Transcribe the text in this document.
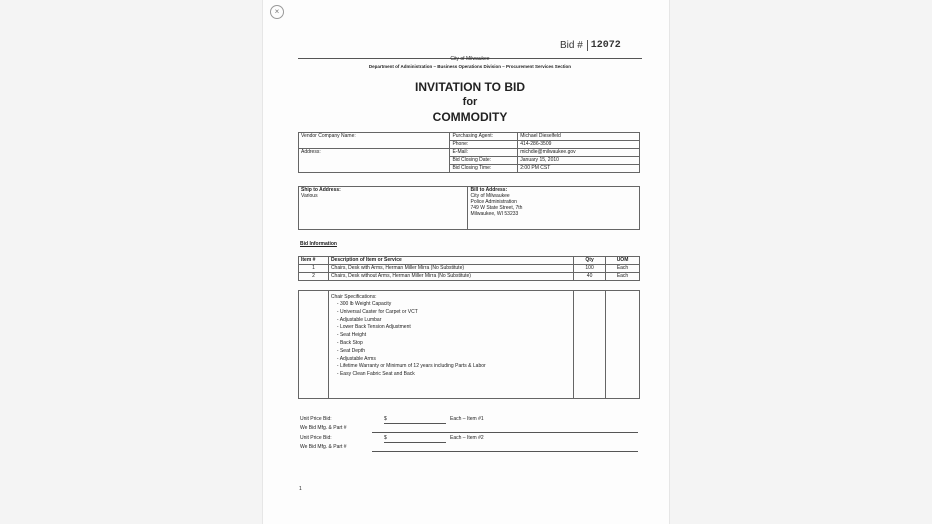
×
Bid # 12072
City of Milwaukee
Department of Administration – Business Operations Division – Procurement Services Section
INVITATION TO BID
for
COMMODITY
Vendor Company Name:	Purchasing Agent:	Michael Dieselfeld
	Phone:	414-286-3509
Address:	E-Mail:	michdie@milwaukee.gov
	Bid Closing Date:	January 15, 2010
	Bid Closing Time:	2:00 PM CST
Ship to Address:
Various

Bill to Address:
City of Milwaukee
Police Administration
749 W State Street, 7th
Milwaukee, WI 53233
Bid Information
Item #	Description of Item or Service	Qty	UOM
1	Chairs, Desk with Arms, Herman Miller Mirra (No Substitute)	100	Each
2	Chairs, Desk without Arms, Herman Miller Mirra (No Substitute)	40	Each

Chair Specifications:
- 300 lb Weight Capacity
- Universal Caster for Carpet or VCT
- Adjustable Lumbar
- Lower Back Tension Adjustment
- Seat Height
- Back Stop
- Seat Depth
- Adjustable Arms
- Lifetime Warranty or Minimum of 12 years including Parts & Labor
- Easy Clean Fabric Seat and Back

Unit Price Bid:	$	Each – Item #1
We Bid Mfg. & Part #
Unit Price Bid:	$	Each – Item #2
We Bid Mfg. & Part #
1
